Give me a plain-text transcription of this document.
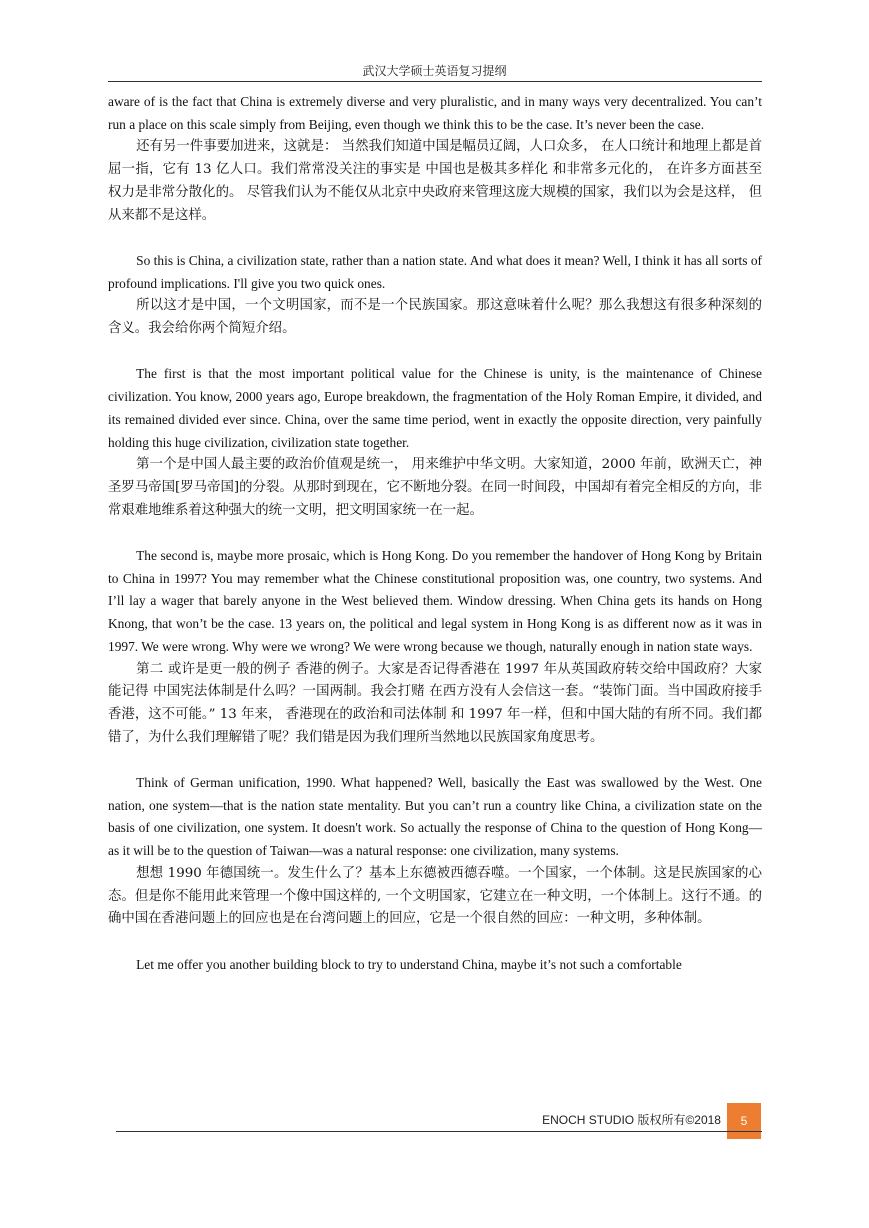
武汉大学硕士英语复习提纲

aware of is the fact that China is extremely diverse and very pluralistic, and in many ways very decentralized. You can’t run a place on this scale simply from Beijing, even though we think this to be the case. It’s never been the case.

还有另一件事要加进来，这就是： 当然我们知道中国是幅员辽阔，人口众多， 在人口统计和地理上都是首屈一指，它有 13 亿人口。我们常常没关注的事实是 中国也是极其多样化 和非常多元化的， 在许多方面甚至权力是非常分散化的。 尽管我们认为不能仅从北京中央政府来管理这庞大规模的国家，我们以为会是这样， 但从来都不是这样。

So this is China, a civilization state, rather than a nation state. And what does it mean? Well, I think it has all sorts of profound implications. I'll give you two quick ones.

所以这才是中国，一个文明国家，而不是一个民族国家。那这意味着什么呢？那么我想这有很多种深刻的含义。我会给你两个简短介绍。

The first is that the most important political value for the Chinese is unity, is the maintenance of Chinese civilization. You know, 2000 years ago, Europe breakdown, the fragmentation of the Holy Roman Empire, it divided, and its remained divided ever since. China, over the same time period, went in exactly the opposite direction, very painfully holding this huge civilization, civilization state together.

第一个是中国人最主要的政治价值观是统一， 用来维护中华文明。大家知道，2000 年前，欧洲天亡，神圣罗马帝国[罗马帝国]的分裂。从那时到现在，它不断地分裂。在同一时间段，中国却有着完全相反的方向，非常艰难地维系着这种强大的统一文明，把文明国家统一在一起。

The second is, maybe more prosaic, which is Hong Kong. Do you remember the handover of Hong Kong by Britain to China in 1997? You may remember what the Chinese constitutional proposition was, one country, two systems. And I’ll lay a wager that barely anyone in the West believed them. Window dressing. When China gets its hands on Hong Knong, that won’t be the case. 13 years on, the political and legal system in Hong Kong is as different now as it was in 1997. We were wrong. Why were we wrong? We were wrong because we though, naturally enough in nation state ways.

第二 或许是更一般的例子 香港的例子。大家是否记得香港在 1997 年从英国政府转交给中国政府？大家能记得 中国宪法体制是什么吗？一国两制。我会打赌 在西方没有人会信这一套。“装饰门面。当中国政府接手香港，这不可能。” 13 年来， 香港现在的政治和司法体制 和 1997 年一样，但和中国大陆的有所不同。我们都错了，为什么我们理解错了呢？我们错是因为我们理所当然地以民族国家角度思考。

Think of German unification, 1990. What happened? Well, basically the East was swallowed by the West. One nation, one system—that is the nation state mentality. But you can’t run a country like China, a civilization state on the basis of one civilization, one system. It doesn't work. So actually the response of China to the question of Hong Kong—as it will be to the question of Taiwan—was a natural response: one civilization, many systems.

想想 1990 年德国统一。发生什么了？基本上东德被西德吞噬。一个国家，一个体制。这是民族国家的心态。但是你不能用此来管理一个像中国这样的, 一个文明国家，它建立在一种文明，一个体制上。这行不通。的确中国在香港问题上的回应也是在台湾问题上的回应，它是一个很自然的回应：一种文明，多种体制。

Let me offer you another building block to try to understand China, maybe it’s not such a comfortable

ENOCH STUDIO 版权所有©2018 5
